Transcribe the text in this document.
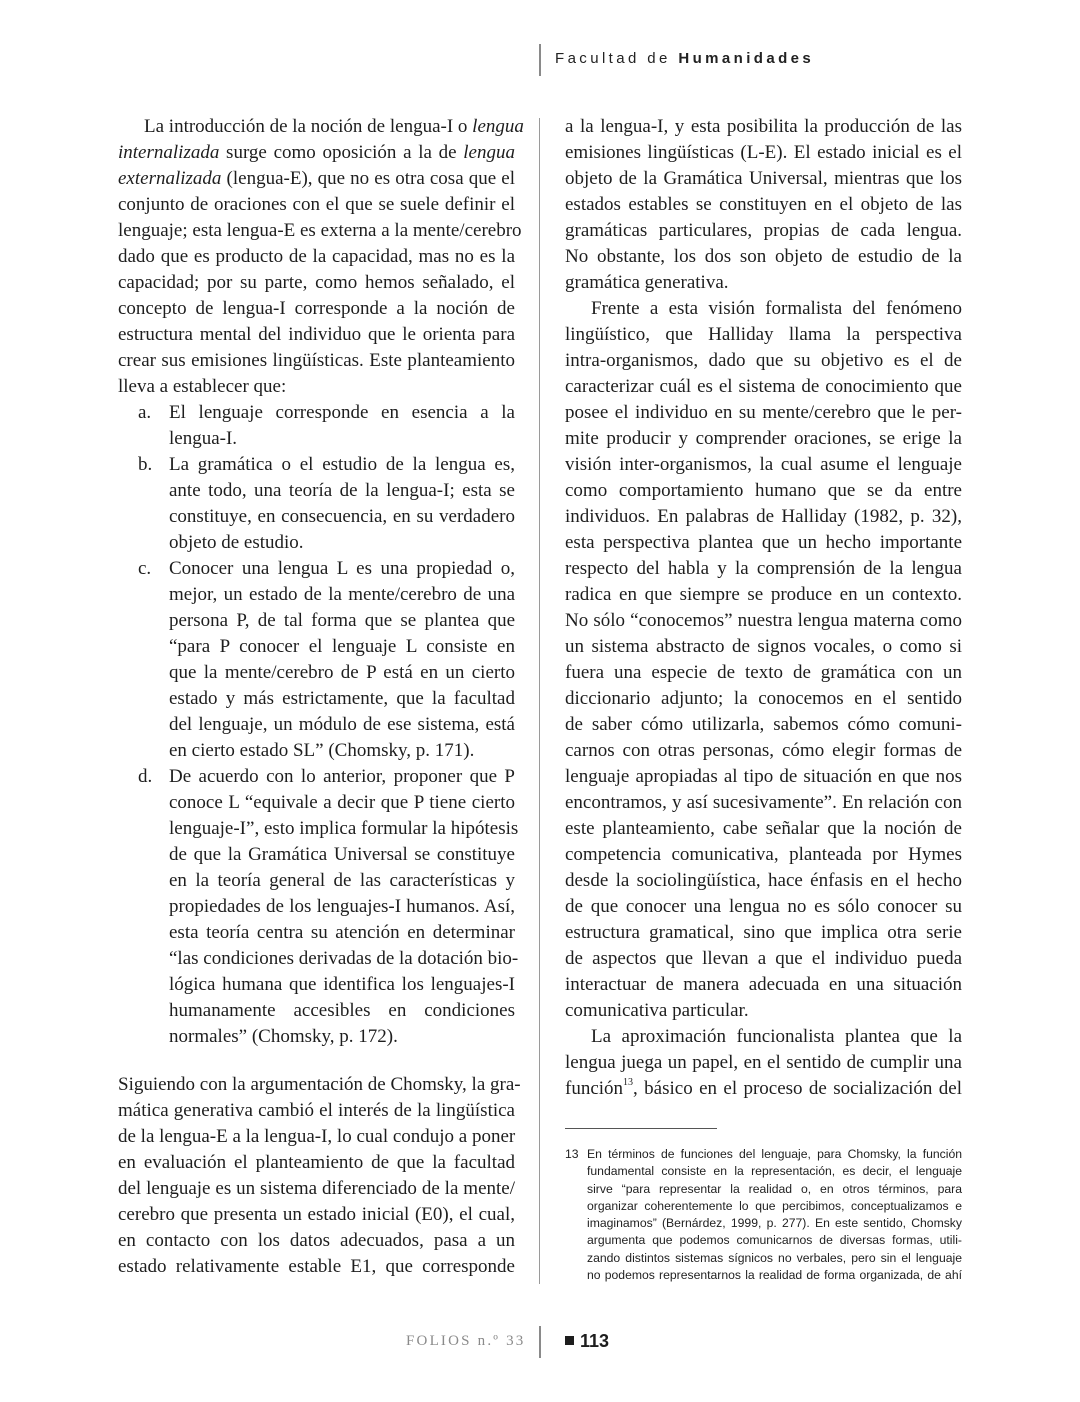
Facultad de Humanidades
La introducción de la noción de lengua-I o lengua
internalizada surge como oposición a la de lengua
externalizada (lengua-E), que no es otra cosa que el
conjunto de oraciones con el que se suele definir el
lenguaje; esta lengua-E es externa a la mente/cerebro
dado que es producto de la capacidad, mas no es la
capacidad; por su parte, como hemos señalado, el
concepto de lengua-I corresponde a la noción de
estructura mental del individuo que le orienta para
crear sus emisiones lingüísticas. Este planteamiento
lleva a establecer que:
a. El lenguaje corresponde en esencia a la
lengua-I.
b. La gramática o el estudio de la lengua es,
ante todo, una teoría de la lengua-I; esta se
constituye, en consecuencia, en su verdadero
objeto de estudio.
c. Conocer una lengua L es una propiedad o,
mejor, un estado de la mente/cerebro de una
persona P, de tal forma que se plantea que
“para P conocer el lenguaje L consiste en
que la mente/cerebro de P está en un cierto
estado y más estrictamente, que la facultad
del lenguaje, un módulo de ese sistema, está
en cierto estado SL” (Chomsky, p. 171).
d. De acuerdo con lo anterior, proponer que P
conoce L “equivale a decir que P tiene cierto
lenguaje-I”, esto implica formular la hipótesis
de que la Gramática Universal se constituye
en la teoría general de las características y
propiedades de los lenguajes-I humanos. Así,
esta teoría centra su atención en determinar
“las condiciones derivadas de la dotación bio-
lógica humana que identifica los lenguajes-I
humanamente accesibles en condiciones
normales” (Chomsky, p. 172).
Siguiendo con la argumentación de Chomsky, la gra-
mática generativa cambió el interés de la lingüística
de la lengua-E a la lengua-I, lo cual condujo a poner
en evaluación el planteamiento de que la facultad
del lenguaje es un sistema diferenciado de la mente/
cerebro que presenta un estado inicial (E0), el cual,
en contacto con los datos adecuados, pasa a un
estado relativamente estable E1, que corresponde
a la lengua-I, y esta posibilita la producción de las
emisiones lingüísticas (L-E). El estado inicial es el
objeto de la Gramática Universal, mientras que los
estados estables se constituyen en el objeto de las
gramáticas particulares, propias de cada lengua.
No obstante, los dos son objeto de estudio de la
gramática generativa.
Frente a esta visión formalista del fenómeno
lingüístico, que Halliday llama la perspectiva
intra-organismos, dado que su objetivo es el de
caracterizar cuál es el sistema de conocimiento que
posee el individuo en su mente/cerebro que le per-
mite producir y comprender oraciones, se erige la
visión inter-organismos, la cual asume el lenguaje
como comportamiento humano que se da entre
individuos. En palabras de Halliday (1982, p. 32),
esta perspectiva plantea que un hecho importante
respecto del habla y la comprensión de la lengua
radica en que siempre se produce en un contexto.
No sólo “conocemos” nuestra lengua materna como
un sistema abstracto de signos vocales, o como si
fuera una especie de texto de gramática con un
diccionario adjunto; la conocemos en el sentido
de saber cómo utilizarla, sabemos cómo comuni-
carnos con otras personas, cómo elegir formas de
lenguaje apropiadas al tipo de situación en que nos
encontramos, y así sucesivamente”. En relación con
este planteamiento, cabe señalar que la noción de
competencia comunicativa, planteada por Hymes
desde la sociolingüística, hace énfasis en el hecho
de que conocer una lengua no es sólo conocer su
estructura gramatical, sino que implica otra serie
de aspectos que llevan a que el individuo pueda
interactuar de manera adecuada en una situación
comunicativa particular.
La aproximación funcionalista plantea que la
lengua juega un papel, en el sentido de cumplir una
función$^{13}$, básico en el proceso de socialización del
13 En términos de funciones del lenguaje, para Chomsky, la función
fundamental consiste en la representación, es decir, el lenguaje
sirve “para representar la realidad o, en otros términos, para
organizar coherentemente lo que percibimos, conceptualizamos e
imaginamos” (Bernárdez, 1999, p. 277). En este sentido, Chomsky
argumenta que podemos comunicarnos de diversas formas, utili-
zando distintos sistemas sígnicos no verbales, pero sin el lenguaje
no podemos representarnos la realidad de forma organizada, de ahí
FOLIOS n.º 33	113
